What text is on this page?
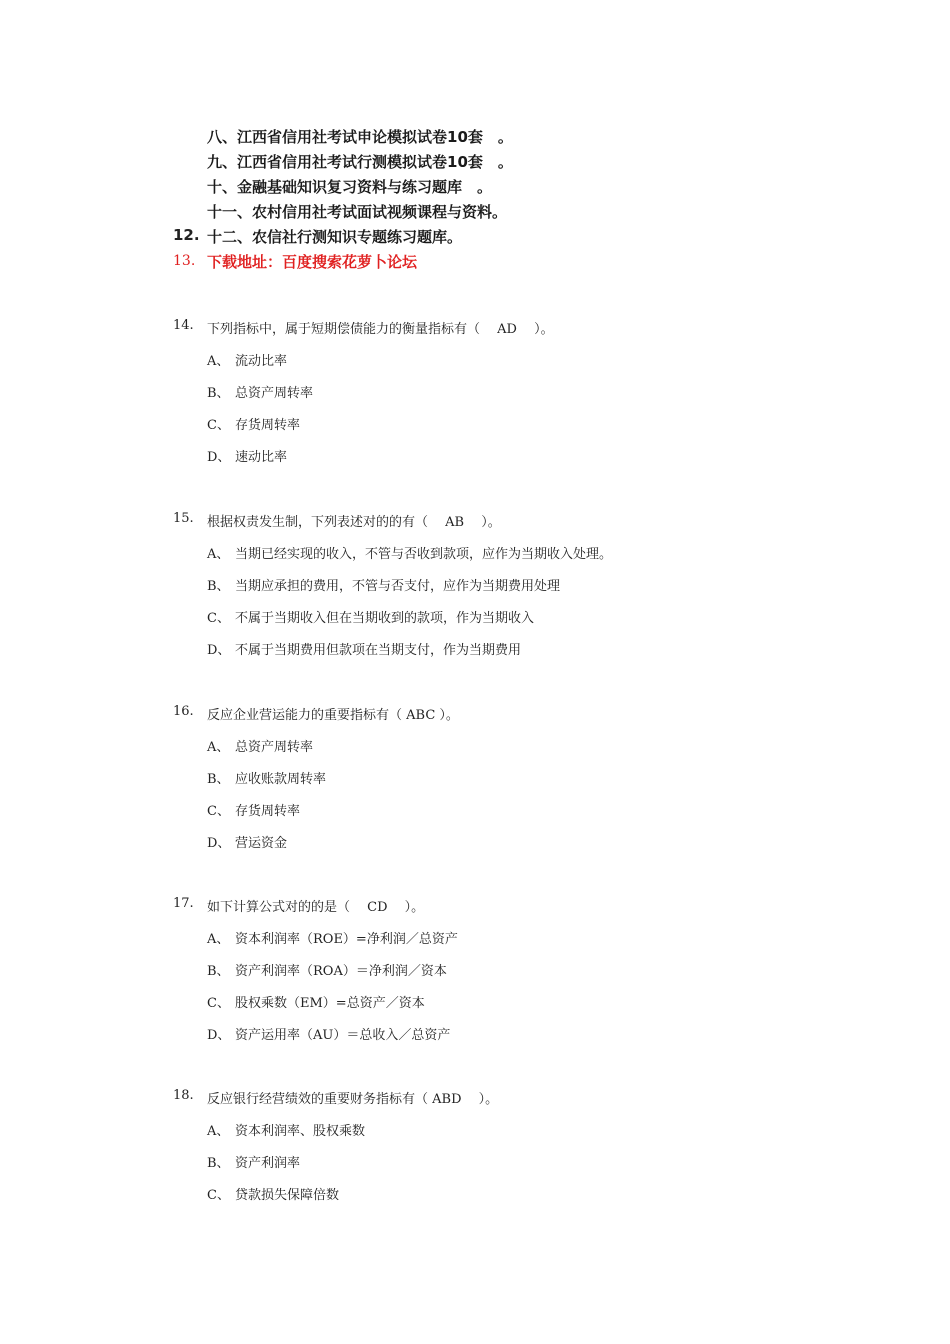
八、江西省信用社考试申论模拟试卷10套　。
九、江西省信用社考试行测模拟试卷10套　。
十、金融基础知识复习资料与练习题库　。
十一、农村信用社考试面试视频课程与资料。
12. 十二、农信社行测知识专题练习题库。
13. 下载地址：百度搜索花萝卜论坛
14. 下列指标中，属于短期偿债能力的衡量指标有（　 AD　 ）。
A、 流动比率
B、 总资产周转率
C、 存货周转率
D、 速动比率
15. 根据权责发生制，下列表述对的的有（　 AB　 ）。
A、 当期已经实现的收入，不管与否收到款项，应作为当期收入处理。
B、 当期应承担的费用，不管与否支付，应作为当期费用处理
C、 不属于当期收入但在当期收到的款项，作为当期收入
D、 不属于当期费用但款项在当期支付，作为当期费用
16. 反应企业营运能力的重要指标有（ ABC ）。
A、 总资产周转率
B、 应收账款周转率
C、 存货周转率
D、 营运资金
17. 如下计算公式对的的是（　 CD　 ）。
A、 资本利润率（ROE）=净利润／总资产
B、 资产利润率（ROA）＝净利润／资本
C、 股权乘数（EM）=总资产／资本
D、 资产运用率（AU）＝总收入／总资产
18. 反应银行经营绩效的重要财务指标有（ ABD　 ）。
A、 资本利润率、股权乘数
B、 资产利润率
C、 贷款损失保障倍数
